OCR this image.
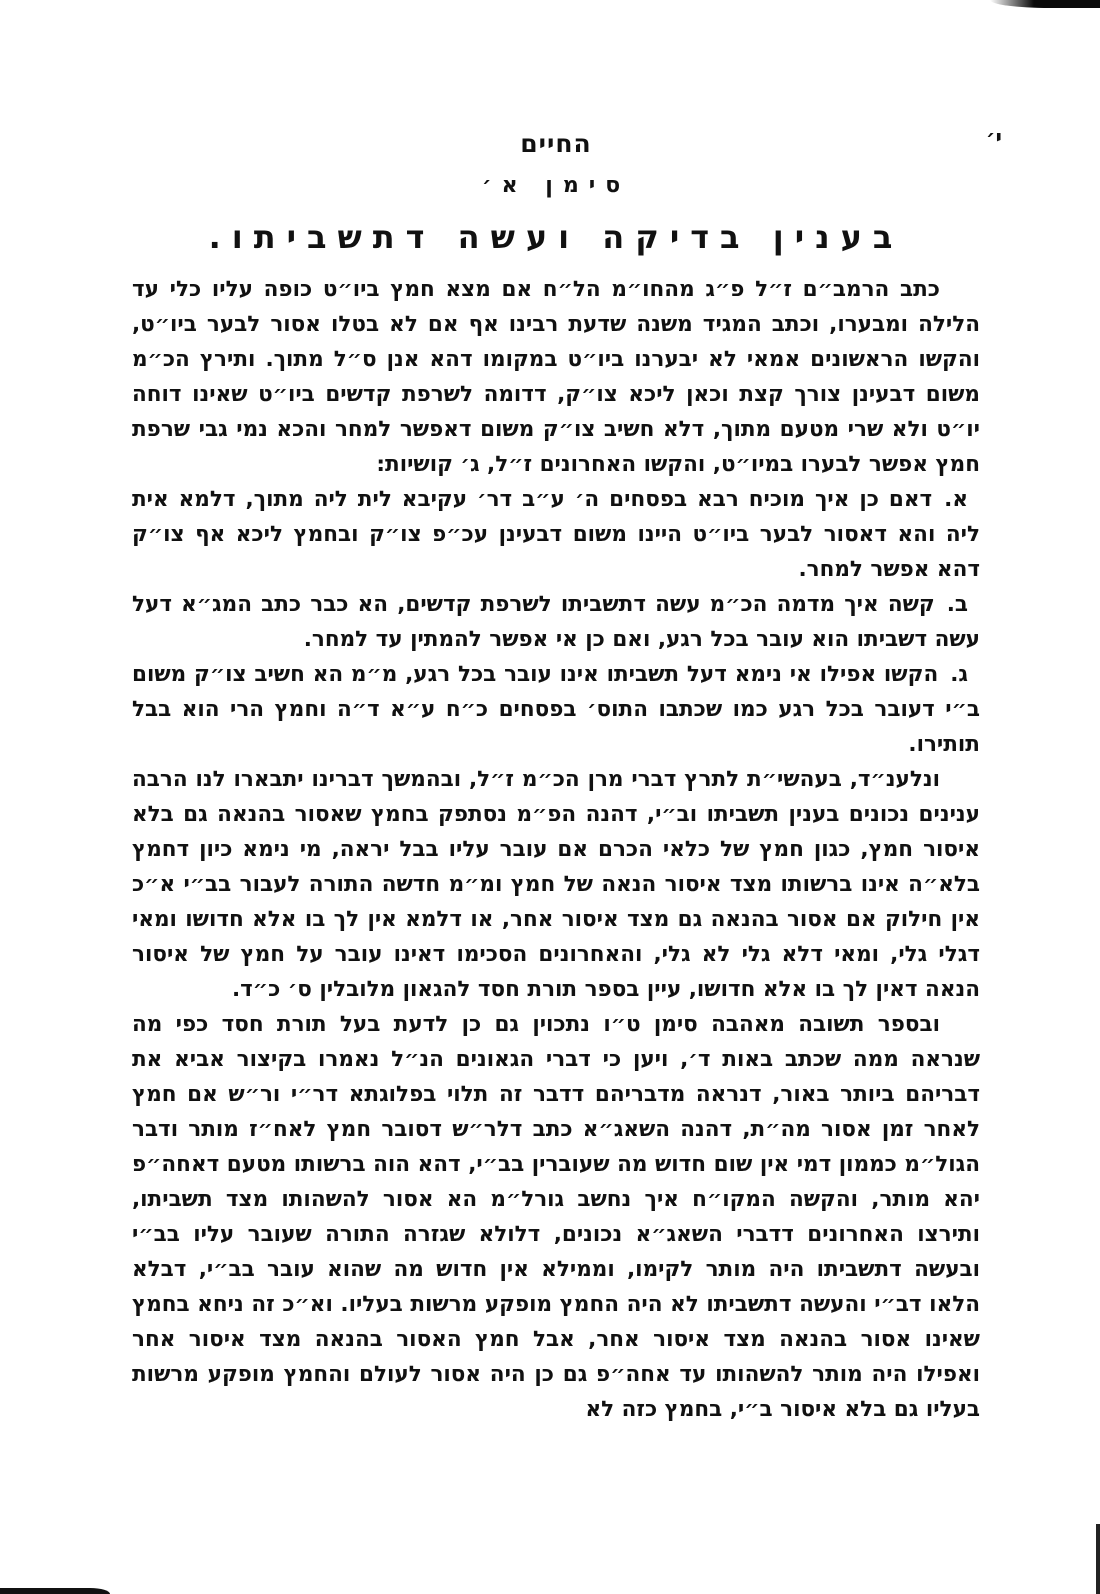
י׳
החיים
סימן א׳
בענין בדיקה ועשה דתשביתו.

כתב הרמב״ם ז״ל פ״ג מהחו״מ הל״ח אם מצא חמץ ביו״ט כופה עליו כלי עד הלילה ומבערו, וכתב המגיד משנה שדעת רבינו אף אם לא בטלו אסור לבער ביו״ט, והקשו הראשונים אמאי לא יבערנו ביו״ט במקומו דהא אנן ס״ל מתוך. ותירץ הכ״מ משום דבעינן צורך קצת וכאן ליכא צו״ק, דדומה לשרפת קדשים ביו״ט שאינו דוחה יו״ט ולא שרי מטעם מתוך, דלא חשיב צו״ק משום דאפשר למחר והכא נמי גבי שרפת חמץ אפשר לבערו במיו״ט, והקשו האחרונים ז״ל, ג׳ קושיות:

א.דאם כן איך מוכיח רבא בפסחים ה׳ ע״ב דר׳ עקיבא לית ליה מתוך, דלמא אית ליה והא דאסור לבער ביו״ט היינו משום דבעינן עכ״פ צו״ק ובחמץ ליכא אף צו״ק דהא אפשר למחר.

ב.קשה איך מדמה הכ״מ עשה דתשביתו לשרפת קדשים, הא כבר כתב המג״א דעל עשה דשביתו הוא עובר בכל רגע, ואם כן אי אפשר להמתין עד למחר.

ג.הקשו אפילו אי נימא דעל תשביתו אינו עובר בכל רגע, מ״מ הא חשיב צו״ק משום ב״י דעובר בכל רגע כמו שכתבו התוס׳ בפסחים כ״ח ע״א ד״ה וחמץ הרי הוא בבל תותירו.

ונלענ״ד, בעהשי״ת לתרץ דברי מרן הכ״מ ז״ל, ובהמשך דברינו יתבארו לנו הרבה ענינים נכונים בענין תשביתו וב״י, דהנה הפ״מ נסתפק בחמץ שאסור בהנאה גם בלא איסור חמץ, כגון חמץ של כלאי הכרם אם עובר עליו בבל יראה, מי נימא כיון דחמץ בלא״ה אינו ברשותו מצד איסור הנאה של חמץ ומ״מ חדשה התורה לעבור בב״י א״כ אין חילוק אם אסור בהנאה גם מצד איסור אחר, או דלמא אין לך בו אלא חדושו ומאי דגלי גלי, ומאי דלא גלי לא גלי, והאחרונים הסכימו דאינו עובר על חמץ של איסור הנאה דאין לך בו אלא חדושו, עיין בספר תורת חסד להגאון מלובלין ס׳ כ״ד.

ובספר תשובה מאהבה סימן ט״ו נתכוין גם כן לדעת בעל תורת חסד כפי מה שנראה ממה שכתב באות ד׳, ויען כי דברי הגאונים הנ״ל נאמרו בקיצור אביא את דבריהם ביותר באור, דנראה מדבריהם דדבר זה תלוי בפלוגתא דר״י ור״ש אם חמץ לאחר זמן אסור מה״ת, דהנה השאג״א כתב דלר״ש דסובר חמץ לאח״ז מותר ודבר הגול״מ כממון דמי אין שום חדוש מה שעוברין בב״י, דהא הוה ברשותו מטעם דאחה״פ יהא מותר, והקשה המקו״ח איך נחשב גורל״מ הא אסור להשהותו מצד תשביתו, ותירצו האחרונים דדברי השאג״א נכונים, דלולא שגזרה התורה שעובר עליו בב״י ובעשה דתשביתו היה מותר לקימו, וממילא אין חדוש מה שהוא עובר בב״י, דבלא הלאו דב״י והעשה דתשביתו לא היה החמץ מופקע מרשות בעליו. וא״כ זה ניחא בחמץ שאינו אסור בהנאה מצד איסור אחר, אבל חמץ האסור בהנאה מצד איסור אחר ואפילו היה מותר להשהותו עד אחה״פ גם כן היה אסור לעולם והחמץ מופקע מרשות בעליו גם בלא איסור ב״י, בחמץ כזה לא
